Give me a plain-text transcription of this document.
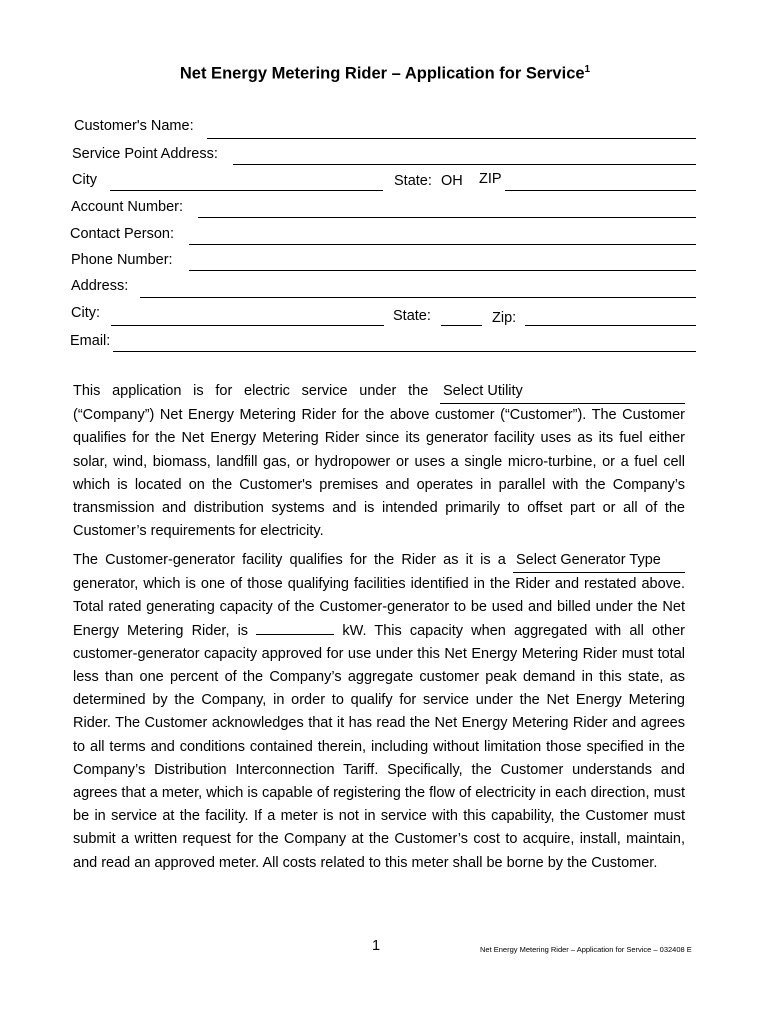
Net Energy Metering Rider – Application for Service$^1$
Customer's Name:
Service Point Address:
City	State: OH ZIP
Account Number:
Contact Person:
Phone Number:
Address:
City:	State:	Zip:
Email:
This application is for electric service under the Select Utility (“Company”) Net Energy Metering Rider for the above customer (“Customer”). The Customer qualifies for the Net Energy Metering Rider since its generator facility uses as its fuel either solar, wind, biomass, landfill gas, or hydropower or uses a single micro-turbine, or a fuel cell which is located on the Customer's premises and operates in parallel with the Company’s transmission and distribution systems and is intended primarily to offset part or all of the Customer’s requirements for electricity.
The Customer-generator facility qualifies for the Rider as it is a Select Generator Type generator, which is one of those qualifying facilities identified in the Rider and restated above. Total rated generating capacity of the Customer-generator to be used and billed under the Net Energy Metering Rider, is	kW. This capacity when aggregated with all other customer-generator capacity approved for use under this Net Energy Metering Rider must total less than one percent of the Company’s aggregate customer peak demand in this state, as determined by the Company, in order to qualify for service under the Net Energy Metering Rider. The Customer acknowledges that it has read the Net Energy Metering Rider and agrees to all terms and conditions contained therein, including without limitation those specified in the Company’s Distribution Interconnection Tariff. Specifically, the Customer understands and agrees that a meter, which is capable of registering the flow of electricity in each direction, must be in service at the facility. If a meter is not in service with this capability, the Customer must submit a written request for the Company at the Customer’s cost to acquire, install, maintain, and read an approved meter. All costs related to this meter shall be borne by the Customer.
1	Net Energy Metering Rider – Application for Service – 032408 E
